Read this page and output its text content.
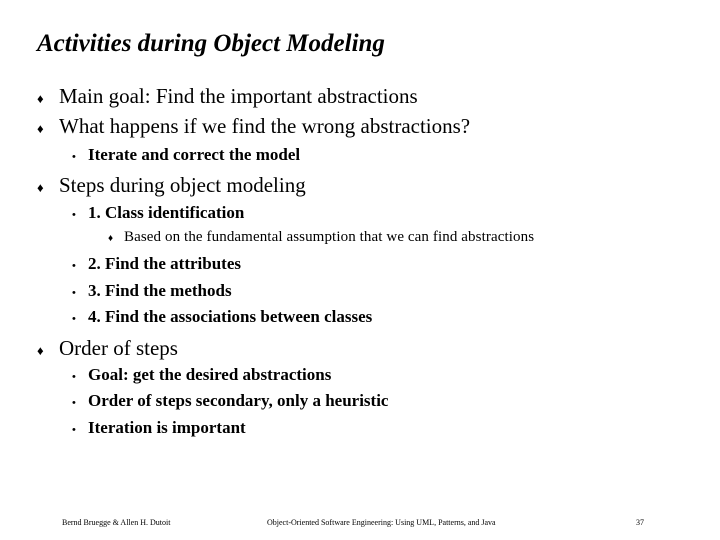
Activities during Object Modeling
♦ Main goal: Find the important abstractions
♦ What happens if we find the wrong abstractions?
• Iterate and correct the model
♦ Steps during object modeling
• 1. Class identification
♦ Based on the fundamental assumption that we can find abstractions
• 2. Find the attributes
• 3. Find the methods
• 4. Find the associations between classes
♦ Order of steps
• Goal: get the desired abstractions
• Order of steps secondary, only a heuristic
• Iteration is important
Bernd Bruegge & Allen H. Dutoit	Object-Oriented Software Engineering: Using UML, Patterns, and Java	37
